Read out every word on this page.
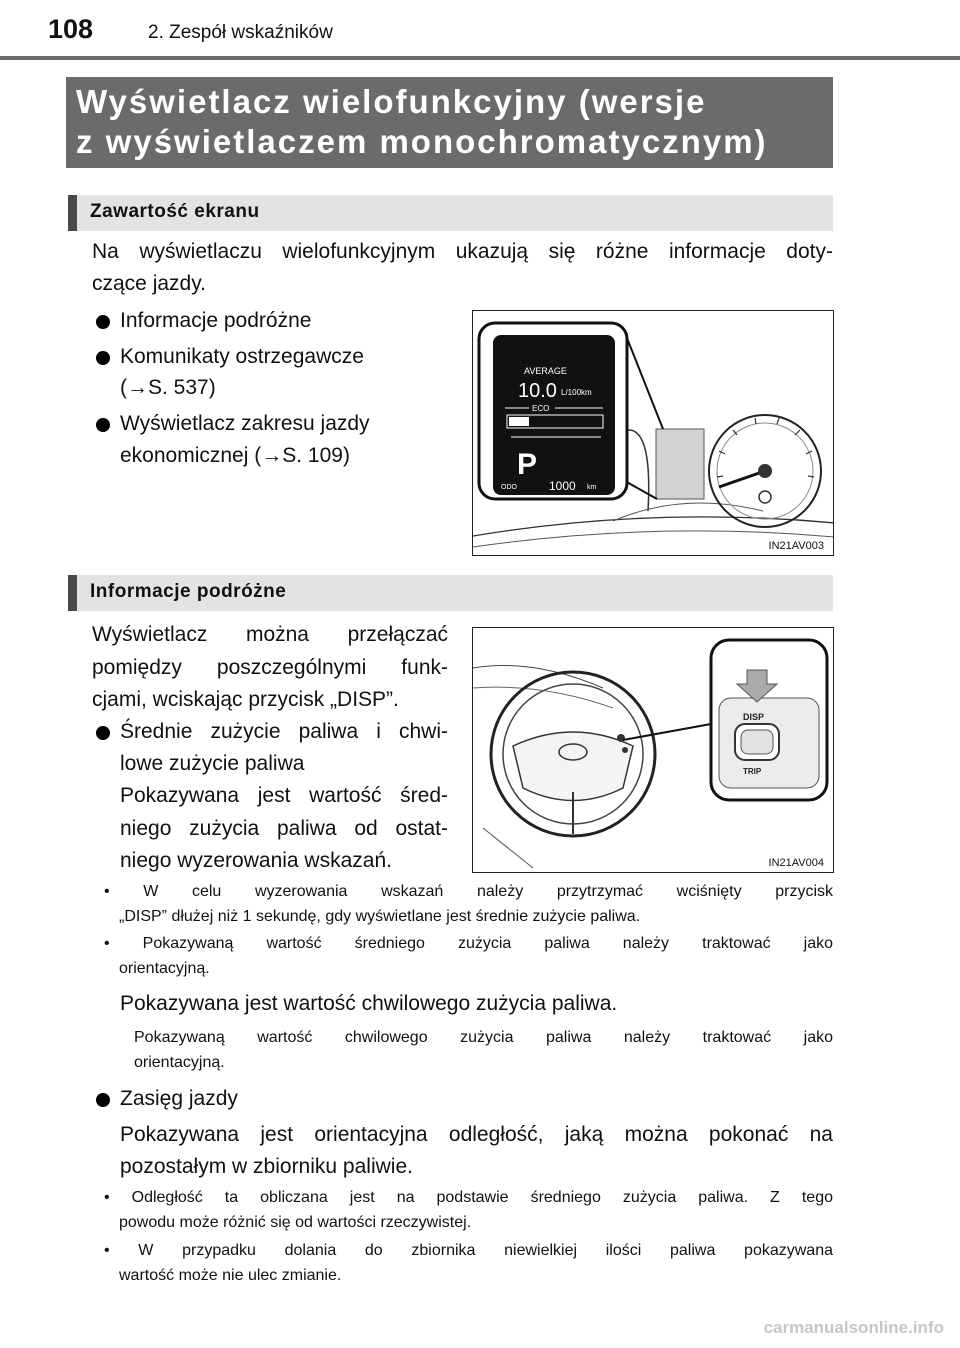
108	2. Zespół wskaźników
Wyświetlacz wielofunkcyjny (wersje
z wyświetlaczem monochromatycznym)
Zawartość ekranu
Na wyświetlaczu wielofunkcyjnym ukazują się różne informacje doty-
czące jazdy.
Informacje podróżne
Komunikaty ostrzegawcze
(→S. 537)
Wyświetlacz zakresu jazdy
ekonomicznej (→S. 109)
AVERAGE
10.0 L/100km
ECO
P
ODO	1000 km
IN21AV003
Informacje podróżne
Wyświetlacz można przełączać
pomiędzy poszczególnymi funk-
cjami, wciskając przycisk „DISP”.
Średnie zużycie paliwa i chwi-
lowe zużycie paliwa
Pokazywana jest wartość śred-
niego zużycia paliwa od ostat-
niego wyzerowania wskazań.
DISP
TRIP
IN21AV004
• W celu wyzerowania wskazań należy przytrzymać wciśnięty przycisk
„DISP” dłużej niż 1 sekundę, gdy wyświetlane jest średnie zużycie paliwa.
• Pokazywaną wartość średniego zużycia paliwa należy traktować jako
orientacyjną.
Pokazywana jest wartość chwilowego zużycia paliwa.
Pokazywaną wartość chwilowego zużycia paliwa należy traktować jako
orientacyjną.
Zasięg jazdy
Pokazywana jest orientacyjna odległość, jaką można pokonać na
pozostałym w zbiorniku paliwie.
• Odległość ta obliczana jest na podstawie średniego zużycia paliwa. Z tego
powodu może różnić się od wartości rzeczywistej.
• W przypadku dolania do zbiornika niewielkiej ilości paliwa pokazywana
wartość może nie ulec zmianie.
carmanualsonline.info
